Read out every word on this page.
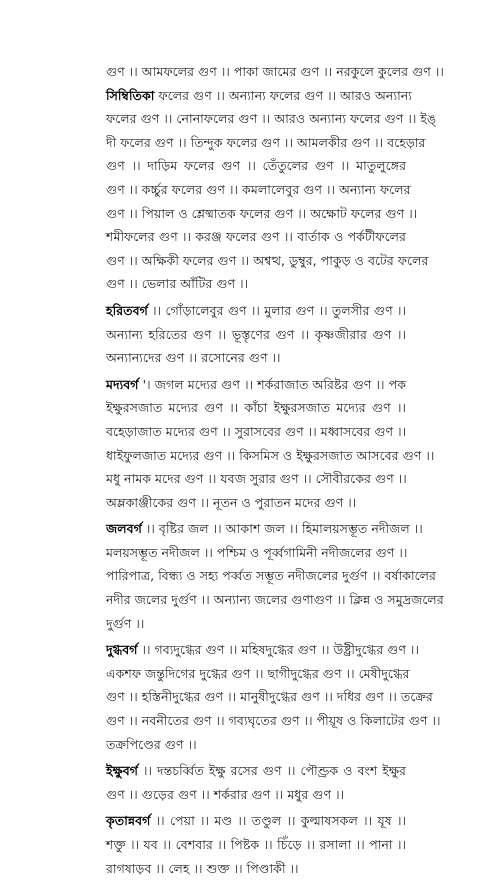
গুণ ।। আমফলের গুণ ।। পাকা জামের গুণ ।। নরকুলে কুলের গুণ ।।
সিম্বিতিকা ফলের গুণ ।। অন্যান্য ফলের গুণ ।। আরও অন্যান্য
ফলের গুণ ।। নোনাফলের গুণ ।। আরও অন্যান্য ফলের গুণ ।। ইঙ্
দী ফলের গুণ ।। তিন্দুক ফলের গুণ ।। আমলকীর গুণ ।। বহেড়ার
গুণ ।। দাড়িম ফলের গুণ ।। তেঁতুলের গুণ ।। মাতুলুঙ্গের
গুণ ।। কর্চ্চুর ফলের গুণ ।। কমলালেবুর গুণ ।। অন্যান্য ফলের
গুণ ।। পিয়াল ও শ্লেষ্মাতক ফলের গুণ ।। অক্ষোট ফলের গুণ ।।
শমীফলের গুণ ।। করঞ্জ ফলের গুণ ।। বার্তাক ও পর্কটীফলের
গুণ ।। অক্ষিকী ফলের গুণ ।। অশ্বত্থ, ডুম্বুর, পাকুড় ও বটের ফলের
গুণ ।। ভেলার আঁটির গুণ ।।
হরিতবর্গ ।। গোঁড়ালেবুর গুণ ।। মুলার গুণ ।। তুলসীর গুণ ।।
অন্যান্য হরিতের গুণ ।। ভূস্তৃণের গুণ ।। কৃষ্ণজীরার গুণ ।।
অন্যান্যদের গুণ ।। রসোনের গুণ ।।
মদ্যবর্গ '। জগল মদ্যের গুণ ।। শর্করাজাত অরিষ্টর গুণ ।। পক
ইক্ষুরসজাত মদ্যের গুণ ।। কাঁচা ইক্ষুরসজাত মদ্যের গুণ ।।
বহেড়াজাত মদ্যের গুণ ।। সুরাসবের গুণ ।। মধ্বাসবের গুণ ।।
ধাইফুলজাত মদ্যের গুণ ।। কিসমিস ও ইক্ষুরসজাত আসবের গুণ ।।
মধু নামক মদের গুণ ।। যবজ সুরার গুণ ।। সৌবীরকের গুণ ।।
অম্লকাঞ্জীকের গুণ ।। নূতন ও পুরাতন মদের গুণ ।।
জলবর্গ ।। বৃষ্টির জল ।। আকাশ জল ।। হিমালয়সম্ভূত নদীজল ।।
মলয়সম্ভূত নদীজল ।। পশ্চিম ও পূর্ব্বগামিনী নদীজলের গুণ ।।
পারিপাত্র, বিন্ধ্য ও সহ্য পর্ব্বত সম্ভূত নদীজলের দুর্গুণ ।। বর্ষাকালের
নদীর জলের দুর্গুণ ।। অন্যান্য জলের গুণাগুণ ।। ক্লিন্ন ও সমুদ্রজলের
দুর্গুণ ।।
দুগ্ধবর্গ ।। গব্যদুগ্ধের গুণ ।। মহিষদুগ্ধের গুণ ।। উষ্ট্রীদুগ্ধের গুণ ।।
একশফ জন্তুদিগের দুগ্ধের গুণ ।। ছাগীদুগ্ধের গুণ ।। মেষীদুগ্ধের
গুণ ।। হস্তিনীদুগ্ধের গুণ ।। মানুষীদুগ্ধের গুণ ।। দধির গুণ ।। তক্রের
গুণ ।। নবনীতের গুণ ।। গব্যঘৃতের গুণ ।। পীয়ূষ ও কিলাটের গুণ ।।
তক্রপিণ্ডের গুণ ।।
ইক্ষুবর্গ ।। দন্তচর্ব্বিত ইক্ষু রসের গুণ ।। পৌণ্ড্রক ও বংশ ইক্ষুর
গুণ ।। গুড়ের গুণ ।। শর্করার গুণ ।। মধুর গুণ ।।
কৃতান্নবর্গ ।। পেয়া ।। মণ্ড ।। তণ্ডুল ।। কুল্মাষসকল ।। যূষ ।।
শক্তু ।। যব ।। বেশবার ।। পিষ্টক ।। চিঁড়ে ।। রসালা ।। পানা ।।
রাগষাড়ব ।। লেহ ।। শুক্ত ।। পিণ্ডাকী ।।
